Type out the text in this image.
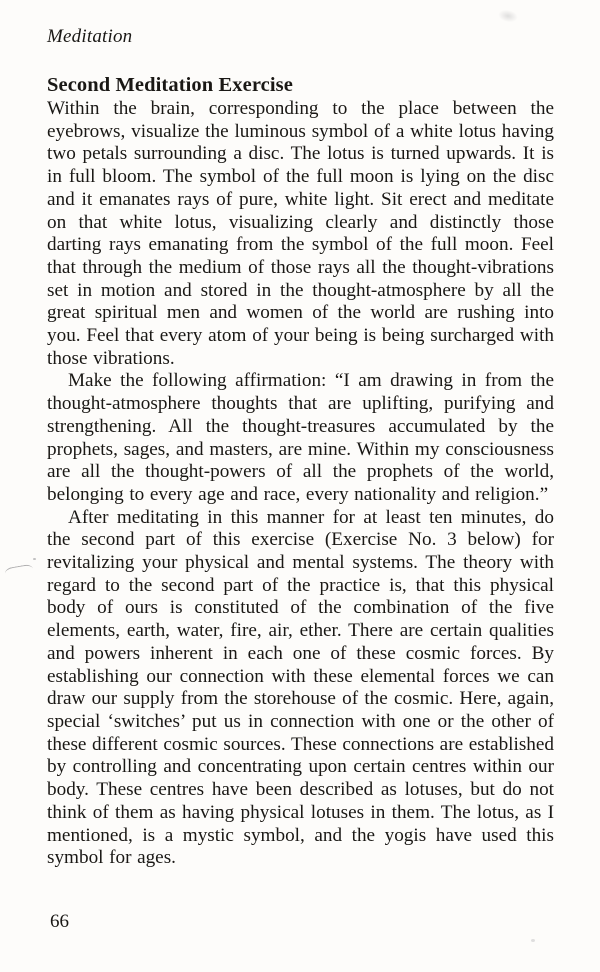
Meditation
Second Meditation Exercise

Within the brain, corresponding to the place between the eyebrows, visualize the luminous symbol of a white lotus having two petals surrounding a disc. The lotus is turned upwards. It is in full bloom. The symbol of the full moon is lying on the disc and it emanates rays of pure, white light. Sit erect and meditate on that white lotus, visualizing clearly and distinctly those darting rays emanating from the symbol of the full moon. Feel that through the medium of those rays all the thought-vibrations set in motion and stored in the thought-atmosphere by all the great spiritual men and women of the world are rushing into you. Feel that every atom of your being is being surcharged with those vibrations.

Make the following affirmation: “I am drawing in from the thought-atmosphere thoughts that are uplifting, purifying and strengthening. All the thought-treasures accumulated by the prophets, sages, and masters, are mine. Within my consciousness are all the thought-powers of all the prophets of the world, belonging to every age and race, every nationality and religion.”

After meditating in this manner for at least ten minutes, do the second part of this exercise (Exercise No. 3 below) for revitalizing your physical and mental systems. The theory with regard to the second part of the practice is, that this physical body of ours is constituted of the combination of the five elements, earth, water, fire, air, ether. There are certain qualities and powers inherent in each one of these cosmic forces. By establishing our connection with these elemental forces we can draw our supply from the storehouse of the cosmic. Here, again, special ‘switches’ put us in connection with one or the other of these different cosmic sources. These connections are established by controlling and concentrating upon certain centres within our body. These centres have been described as lotuses, but do not think of them as having physical lotuses in them. The lotus, as I mentioned, is a mystic symbol, and the yogis have used this symbol for ages.

66
